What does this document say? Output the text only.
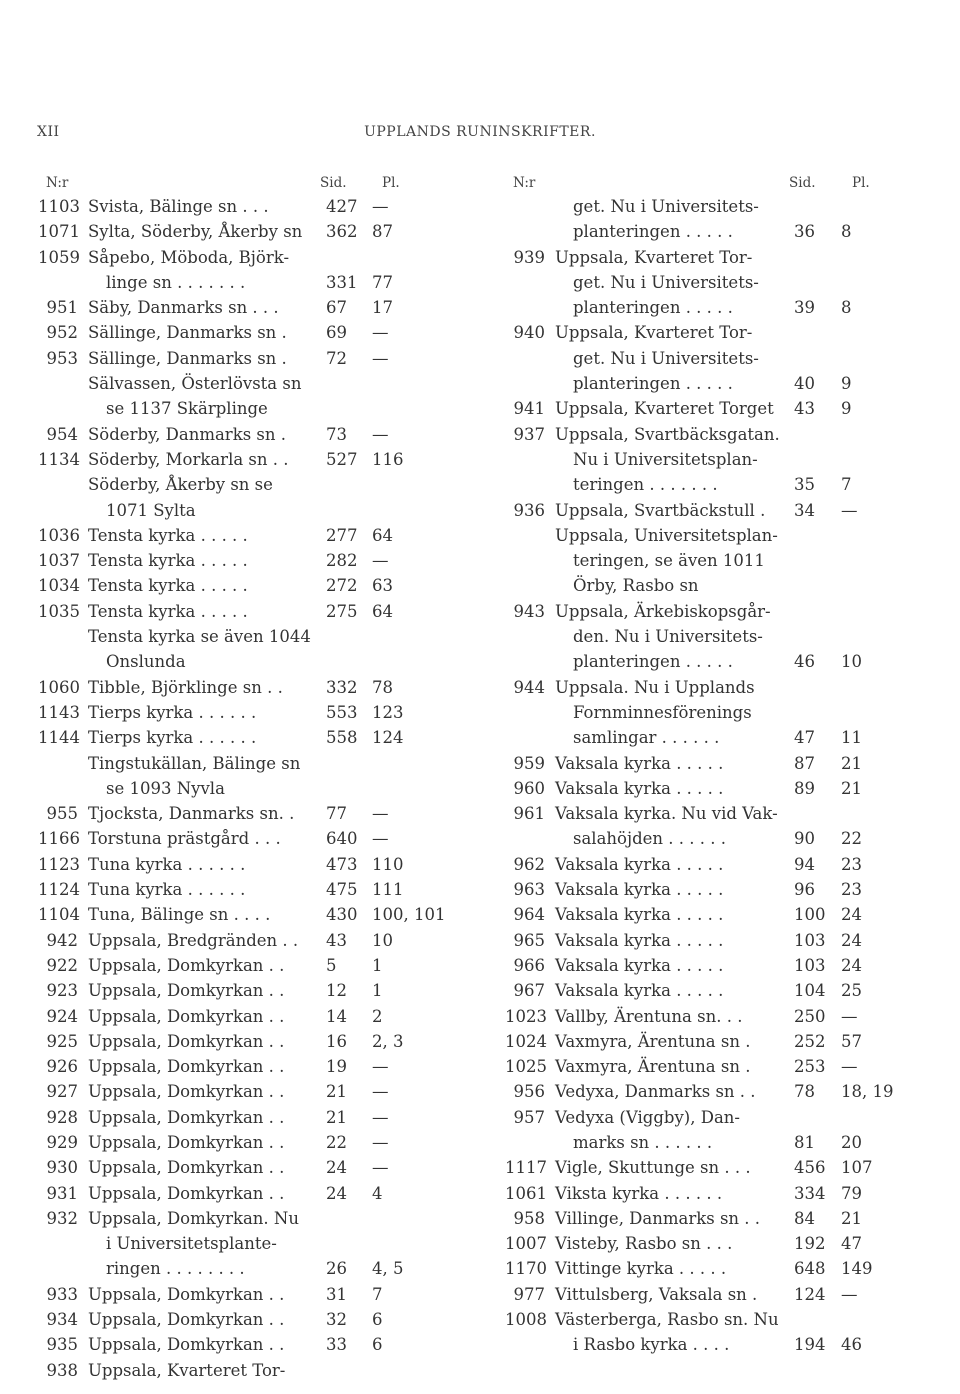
XII	UPPLANDS RUNINSKRIFTER.
N:r	Sid.	Pl.
1103 Svista, Bälinge sn . . .	427 —
1071 Sylta, Söderby, Åkerby sn 362 87
1059 Såpebo, Möboda, Björk-
linge sn . . . . . . .	331 77
951 Säby, Danmarks sn . . .	67 17
952 Sällinge, Danmarks sn . 69 —
953 Sällinge, Danmarks sn . 72 —
Sälvassen, Österlövsta sn
se 1137 Skärplinge
954 Söderby, Danmarks sn . 73 —
1134 Söderby, Morkarla sn . . 527 116
Söderby, Åkerby sn se
1071 Sylta
1036 Tensta kyrka . . . . .	277 64
1037 Tensta kyrka . . . . .	282 —
1034 Tensta kyrka . . . . .	272 63
1035 Tensta kyrka . . . . .	275 64
Tensta kyrka se även 1044
Onslunda
1060 Tibble, Björklinge sn . .	332 78
1143 Tierps kyrka . . . . . .	553 123
1144 Tierps kyrka . . . . . .	558 124
Tingstukällan, Bälinge sn
se 1093 Nyvla
955 Tjocksta, Danmarks sn. . 77 —
1166 Torstuna prästgård . . .	640 —
1123 Tuna kyrka . . . . . .	473 110
1124 Tuna kyrka . . . . . .	475 111
1104 Tuna, Bälinge sn . . . .	430 100, 101
942 Uppsala, Bredgränden . . 43 10
922 Uppsala, Domkyrkan . .	5 1
923 Uppsala, Domkyrkan . .	12 1
924 Uppsala, Domkyrkan . .	14 2
925 Uppsala, Domkyrkan . .	16 2, 3
926 Uppsala, Domkyrkan . .	19 —
927 Uppsala, Domkyrkan . .	21 —
928 Uppsala, Domkyrkan . .	21 —
929 Uppsala, Domkyrkan . .	22 —
930 Uppsala, Domkyrkan . .	24 —
931 Uppsala, Domkyrkan . .	24 4
932 Uppsala, Domkyrkan. Nu
i Universitetsplante-
ringen . . . . . . . .	26 4, 5
933 Uppsala, Domkyrkan . .	31 7
934 Uppsala, Domkyrkan . .	32 6
935 Uppsala, Domkyrkan . .	33 6
938 Uppsala, Kvarteret Tor-
N:r	Sid.	Pl.
get. Nu i Universitets-
planteringen . . . . .	36 8
939 Uppsala, Kvarteret Tor-
get. Nu i Universitets-
planteringen . . . . .	39 8
940 Uppsala, Kvarteret Tor-
get. Nu i Universitets-
planteringen . . . . .	40 9
941 Uppsala, Kvarteret Torget 43 9
937 Uppsala, Svartbäcksgatan.
Nu i Universitetsplan-
teringen . . . . . . .	35 7
936 Uppsala, Svartbäckstull . 34 —
Uppsala, Universitetsplan-
teringen, se även 1011
Örby, Rasbo sn
943 Uppsala, Ärkebiskopsgår-
den. Nu i Universitets-
planteringen . . . . .	46 10
944 Uppsala. Nu i Upplands
Fornminnesförenings
samlingar . . . . . .	47 11
959 Vaksala kyrka . . . . .	87 21
960 Vaksala kyrka . . . . .	89 21
961 Vaksala kyrka. Nu vid Vak-
salahöjden . . . . . .	90 22
962 Vaksala kyrka . . . . .	94 23
963 Vaksala kyrka . . . . .	96 23
964 Vaksala kyrka . . . . .	100 24
965 Vaksala kyrka . . . . .	103 24
966 Vaksala kyrka . . . . .	103 24
967 Vaksala kyrka . . . . .	104 25
1023 Vallby, Ärentuna sn. . .	250 —
1024 Vaxmyra, Ärentuna sn .	252 57
1025 Vaxmyra, Ärentuna sn .	253 —
956 Vedyxa, Danmarks sn . . 78 18, 19
957 Vedyxa (Viggby), Dan-
marks sn . . . . . .	81 20
1117 Vigle, Skuttunge sn . . .	456 107
1061 Viksta kyrka . . . . . .	334 79
958 Villinge, Danmarks sn . . 84 21
1007 Visteby, Rasbo sn . . .	192 47
1170 Vittinge kyrka . . . . .	648 149
977 Vittulsberg, Vaksala sn . 124 —
1008 Västerberga, Rasbo sn. Nu
i Rasbo kyrka . . . .	194 46
